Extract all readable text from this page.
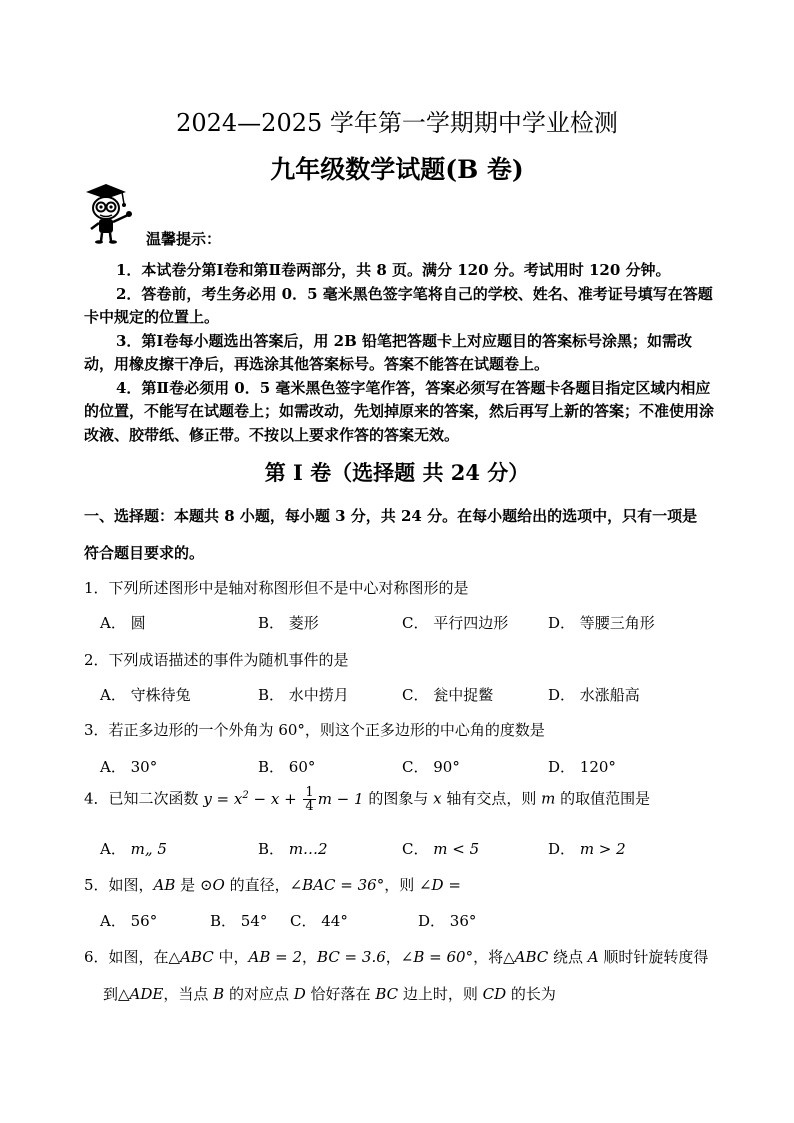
2024—2025 学年第一学期期中学业检测
九年级数学试题(B 卷)
温馨提示：

1．本试卷分第Ⅰ卷和第Ⅱ卷两部分，共 8 页。满分 120 分。考试用时 120 分钟。

2．答卷前，考生务必用 0．5 毫米黑色签字笔将自己的学校、姓名、准考证号填写在答题卡中规定的位置上。

3．第Ⅰ卷每小题选出答案后，用 2B 铅笔把答题卡上对应题目的答案标号涂黑；如需改动，用橡皮擦干净后，再选涂其他答案标号。答案不能答在试题卷上。

4．第Ⅱ卷必须用 0．5 毫米黑色签字笔作答，答案必须写在答题卡各题目指定区域内相应的位置，不能写在试题卷上；如需改动，先划掉原来的答案，然后再写上新的答案；不准使用涂改液、胶带纸、修正带。不按以上要求作答的答案无效。

第 Ⅰ 卷（选择题 共 24 分）
一、选择题：本题共 8 小题，每小题 3 分，共 24 分。在每小题给出的选项中，只有一项是
符合题目要求的。
1．下列所述图形中是轴对称图形但不是中心对称图形的是
A． 圆	B． 菱形	C． 平行四边形	D． 等腰三角形
2．下列成语描述的事件为随机事件的是
A． 守株待兔	B． 水中捞月	C． 瓮中捉鳖	D． 水涨船高
3．若正多边形的一个外角为 60°，则这个正多边形的中心角的度数是
A． 30°	B． 60°	C． 90°	D． 120°
4．已知二次函数 $y = x^2 - x + \frac{1}{4}$ m − 1 的图象与 x 轴有交点，则 m 的取值范围是
A． m„ 5	B． m…2	C． m < 5	D． m > 2
5．如图，AB 是 ⊙O 的直径，∠BAC = 36°，则 ∠D =
A． 56°	B． 54° C． 44°	D． 36°
6．如图，在△ABC 中，AB = 2，BC = 3.6，∠B = 60°，将△ABC 绕点 A 顺时针旋转度得
到△ADE，当点 B 的对应点 D 恰好落在 BC 边上时，则 CD 的长为
